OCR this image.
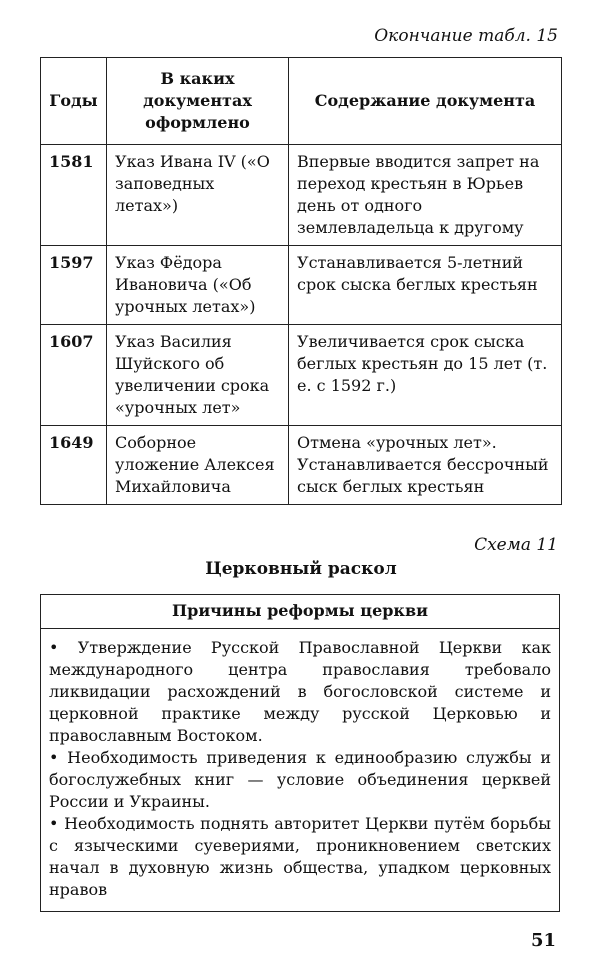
Окончание табл. 15
Годы	В каких документах оформлено	Содержание документа
1581	Указ Ивана IV («О заповедных летах»)	Впервые вводится запрет на переход крестьян в Юрьев день от одного землевладельца к другому
1597	Указ Фёдора Ивановича («Об урочных летах»)	Устанавливается 5-летний срок сыска беглых крестьян
1607	Указ Василия Шуйского об увеличении срока «урочных лет»	Увеличивается срок сыска беглых крестьян до 15 лет (т. е. с 1592 г.)
1649	Соборное уложение Алексея Михайловича	Отмена «урочных лет». Устанавливается бессрочный сыск беглых крестьян
Схема 11
Церковный раскол
Причины реформы церкви

• Утверждение Русской Православной Церкви как международного центра православия требовало ликвидации расхождений в богословской системе и церковной практике между русской Церковью и православным Востоком.

• Необходимость приведения к единообразию службы и богослужебных книг — условие объединения церквей России и Украины.

• Необходимость поднять авторитет Церкви путём борьбы с языческими суевериями, проникновением светских начал в духовную жизнь общества, упадком церковных нравов

51
